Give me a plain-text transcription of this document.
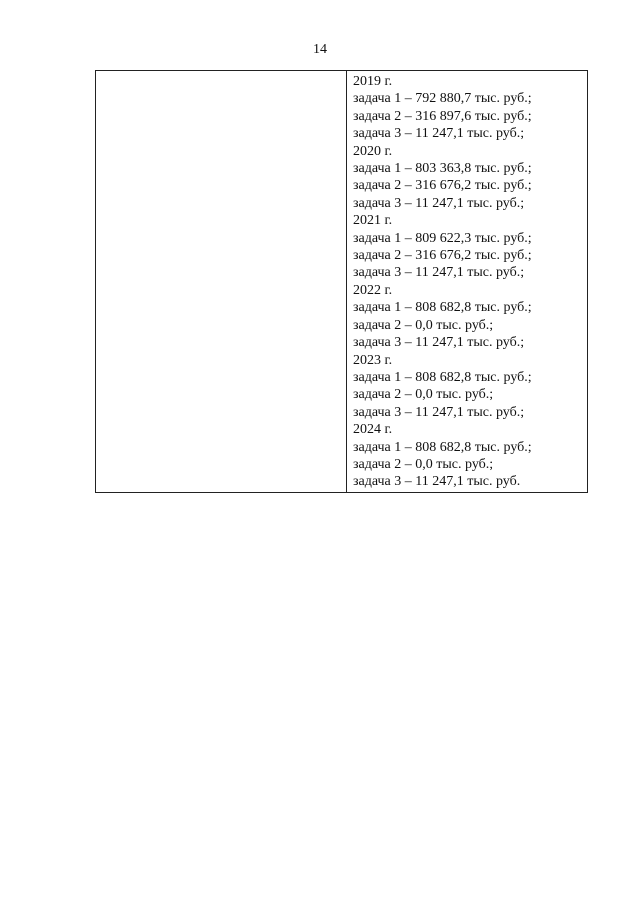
14

2019 г.
задача 1 – 792 880,7 тыс. руб.;
задача 2 – 316 897,6 тыс. руб.;
задача 3 – 11 247,1 тыс. руб.;
2020 г.
задача 1 – 803 363,8 тыс. руб.;
задача 2 – 316 676,2 тыс. руб.;
задача 3 – 11 247,1 тыс. руб.;
2021 г.
задача 1 – 809 622,3 тыс. руб.;
задача 2 – 316 676,2 тыс. руб.;
задача 3 – 11 247,1 тыс. руб.;
2022 г.
задача 1 – 808 682,8 тыс. руб.;
задача 2 – 0,0 тыс. руб.;
задача 3 – 11 247,1 тыс. руб.;
2023 г.
задача 1 – 808 682,8 тыс. руб.;
задача 2 – 0,0 тыс. руб.;
задача 3 – 11 247,1 тыс. руб.;
2024 г.
задача 1 – 808 682,8 тыс. руб.;
задача 2 – 0,0 тыс. руб.;
задача 3 – 11 247,1 тыс. руб.
